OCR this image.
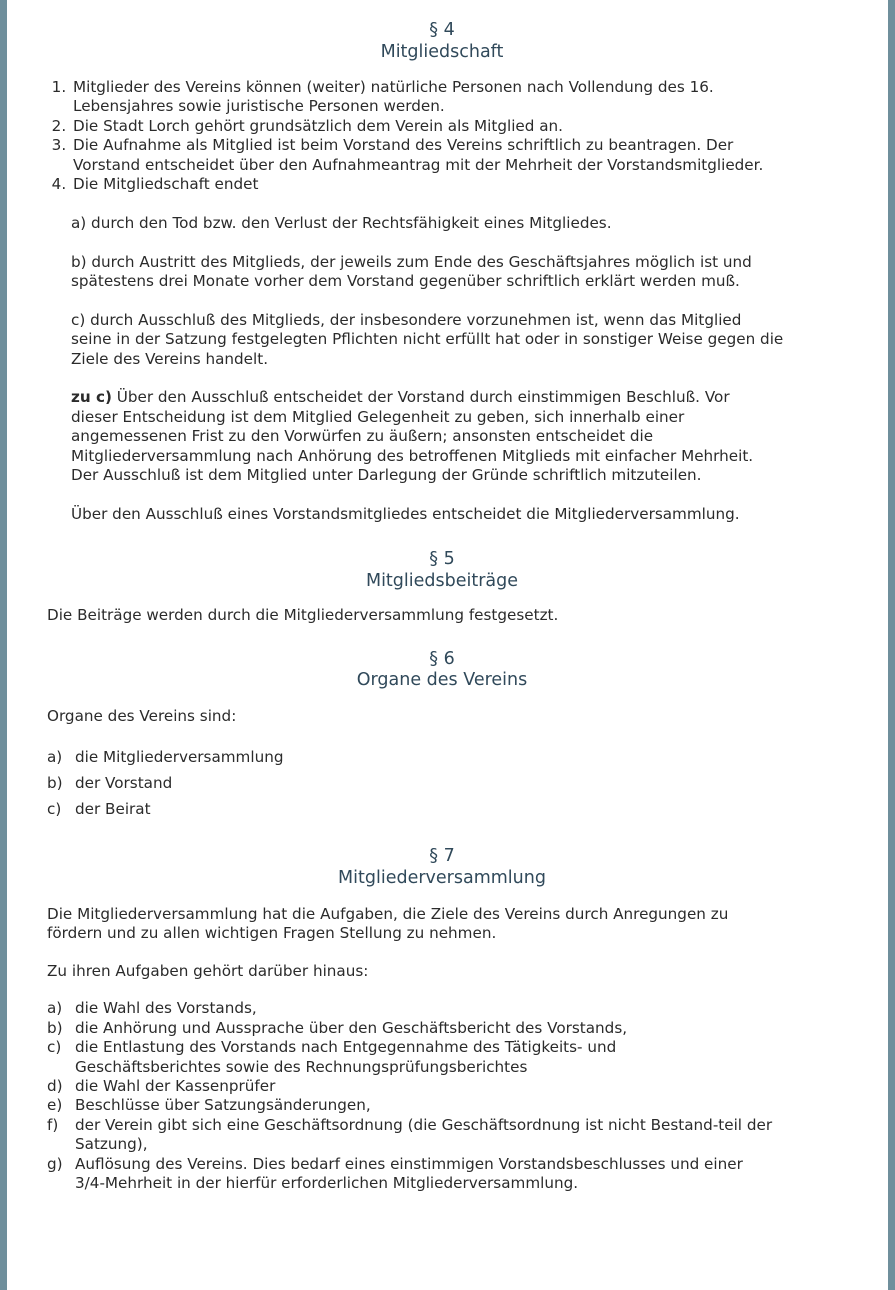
§ 4
Mitgliedschaft
1. Mitglieder des Vereins können (weiter) natürliche Personen nach Vollendung des 16. Lebensjahres sowie juristische Personen werden.
2. Die Stadt Lorch gehört grundsätzlich dem Verein als Mitglied an.
3. Die Aufnahme als Mitglied ist beim Vorstand des Vereins schriftlich zu beantragen. Der Vorstand entscheidet über den Aufnahmeantrag mit der Mehrheit der Vorstandsmitglieder.
4. Die Mitgliedschaft endet
a) durch den Tod bzw. den Verlust der Rechtsfähigkeit eines Mitgliedes.
b) durch Austritt des Mitglieds, der jeweils zum Ende des Geschäftsjahres möglich ist und spätestens drei Monate vorher dem Vorstand gegenüber schriftlich erklärt werden muß.
c) durch Ausschluß des Mitglieds, der insbesondere vorzunehmen ist, wenn das Mitglied seine in der Satzung festgelegten Pflichten nicht erfüllt hat oder in sonstiger Weise gegen die Ziele des Vereins handelt.
zu c) Über den Ausschluß entscheidet der Vorstand durch einstimmigen Beschluß. Vor dieser Entscheidung ist dem Mitglied Gelegenheit zu geben, sich innerhalb einer angemessenen Frist zu den Vorwürfen zu äußern; ansonsten entscheidet die Mitgliederversammlung nach Anhörung des betroffenen Mitglieds mit einfacher Mehrheit.
Der Ausschluß ist dem Mitglied unter Darlegung der Gründe schriftlich mitzuteilen.
Über den Ausschluß eines Vorstandsmitgliedes entscheidet die Mitgliederversammlung.
§ 5
Mitgliedsbeiträge
Die Beiträge werden durch die Mitgliederversammlung festgesetzt.
§ 6
Organe des Vereins
Organe des Vereins sind:
a) die Mitgliederversammlung
b) der Vorstand
c) der Beirat
§ 7
Mitgliederversammlung
Die Mitgliederversammlung hat die Aufgaben, die Ziele des Vereins durch Anregungen zu fördern und zu allen wichtigen Fragen Stellung zu nehmen.
Zu ihren Aufgaben gehört darüber hinaus:
a) die Wahl des Vorstands,
b) die Anhörung und Aussprache über den Geschäftsbericht des Vorstands,
c) die Entlastung des Vorstands nach Entgegennahme des Tätigkeits- und Geschäftsberichtes sowie des Rechnungsprüfungsberichtes
d) die Wahl der Kassenprüfer
e) Beschlüsse über Satzungsänderungen,
f)	der Verein gibt sich eine Geschäftsordnung (die Geschäftsordnung ist nicht Bestand-teil der Satzung),
g) Auflösung des Vereins. Dies bedarf eines einstimmigen Vorstandsbeschlusses und einer 3/4-Mehrheit in der hierfür erforderlichen Mitgliederversammlung.
